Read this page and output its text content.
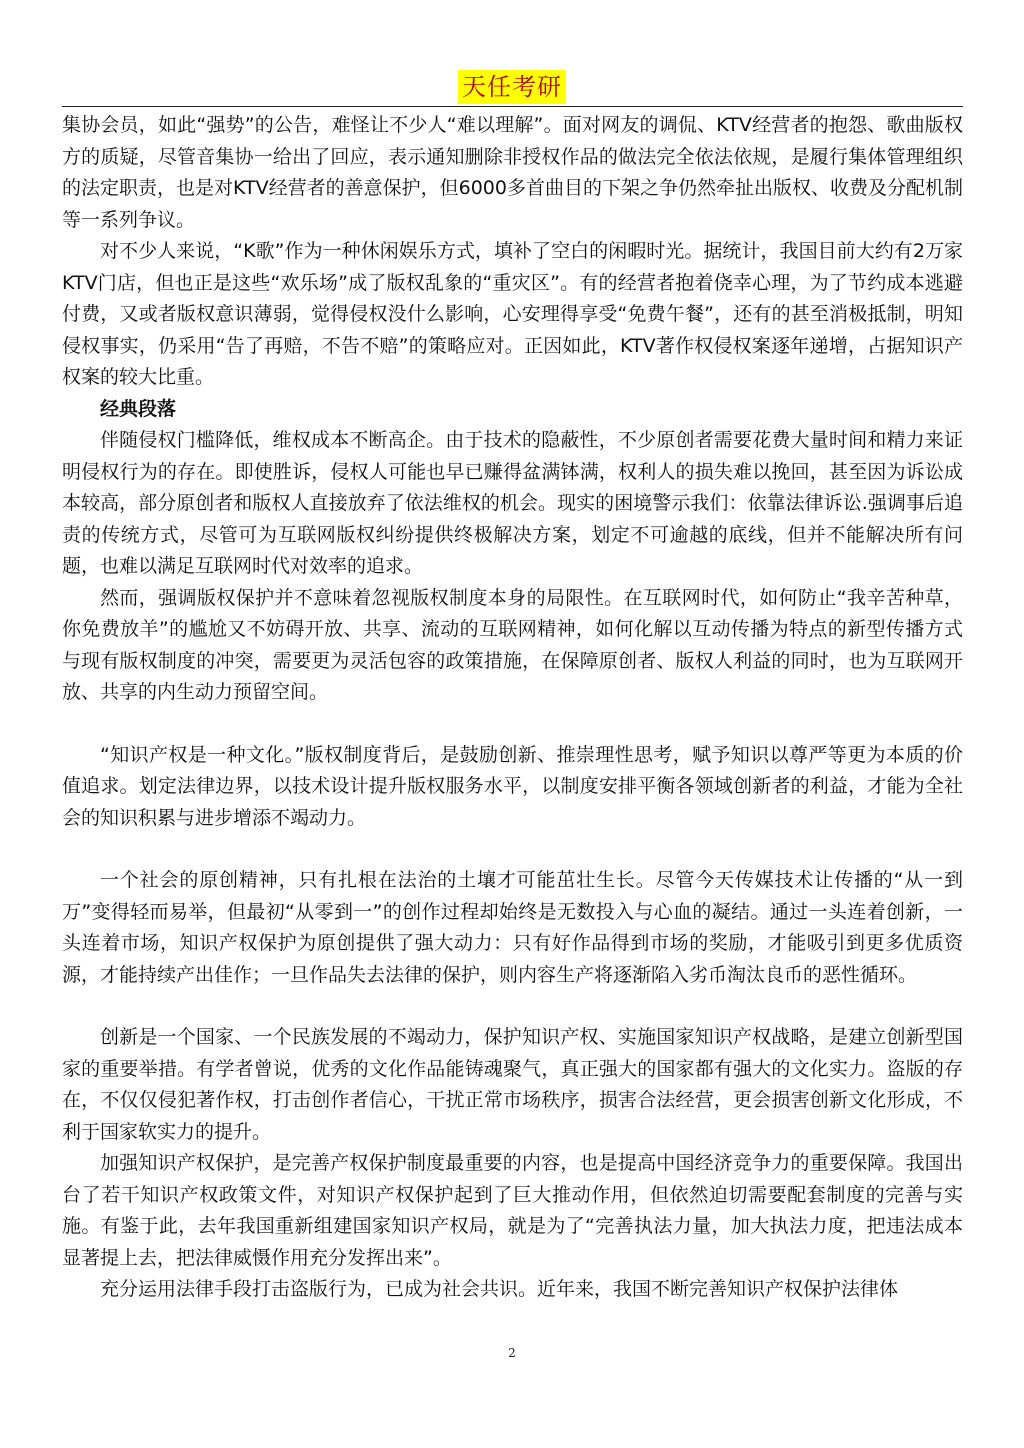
天任考研

集协会员，如此“强势”的公告，难怪让不少人“难以理解”。面对网友的调侃、KTV经营者的抱怨、歌曲版权方的质疑，尽管音集协一给出了回应，表示通知删除非授权作品的做法完全依法依规，是履行集体管理组织的法定职责，也是对KTV经营者的善意保护，但6000多首曲目的下架之争仍然牵扯出版权、收费及分配机制等一系列争议。

对不少人来说，“K歌”作为一种休闲娱乐方式，填补了空白的闲暇时光。据统计，我国目前大约有2万家KTV门店，但也正是这些“欢乐场”成了版权乱象的“重灾区”。有的经营者抱着侥幸心理，为了节约成本逃避付费，又或者版权意识薄弱，觉得侵权没什么影响，心安理得享受“免费午餐”，还有的甚至消极抵制，明知侵权事实，仍采用“告了再赔，不告不赔”的策略应对。正因如此，KTV著作权侵权案逐年递增，占据知识产权案的较大比重。

经典段落

伴随侵权门槛降低，维权成本不断高企。由于技术的隐蔽性，不少原创者需要花费大量时间和精力来证明侵权行为的存在。即使胜诉，侵权人可能也早已赚得盆满钵满，权利人的损失难以挽回，甚至因为诉讼成本较高，部分原创者和版权人直接放弃了依法维权的机会。现实的困境警示我们：依靠法律诉讼.强调事后追责的传统方式，尽管可为互联网版权纠纷提供终极解决方案，划定不可逾越的底线，但并不能解决所有问题，也难以满足互联网时代对效率的追求。

然而，强调版权保护并不意味着忽视版权制度本身的局限性。在互联网时代，如何防止“我辛苦种草，你免费放羊”的尴尬又不妨碍开放、共享、流动的互联网精神，如何化解以互动传播为特点的新型传播方式与现有版权制度的冲突，需要更为灵活包容的政策措施，在保障原创者、版权人利益的同时，也为互联网开放、共享的内生动力预留空间。

“知识产权是一种文化。”版权制度背后，是鼓励创新、推崇理性思考，赋予知识以尊严等更为本质的价值追求。划定法律边界，以技术设计提升版权服务水平，以制度安排平衡各领域创新者的利益，才能为全社会的知识积累与进步增添不竭动力。

一个社会的原创精神，只有扎根在法治的土壤才可能茁壮生长。尽管今天传媒技术让传播的“从一到万”变得轻而易举，但最初“从零到一”的创作过程却始终是无数投入与心血的凝结。通过一头连着创新，一头连着市场，知识产权保护为原创提供了强大动力：只有好作品得到市场的奖励，才能吸引到更多优质资源，才能持续产出佳作；一旦作品失去法律的保护，则内容生产将逐渐陷入劣币淘汰良币的恶性循环。

创新是一个国家、一个民族发展的不竭动力，保护知识产权、实施国家知识产权战略，是建立创新型国家的重要举措。有学者曾说，优秀的文化作品能铸魂聚气，真正强大的国家都有强大的文化实力。盗版的存在，不仅仅侵犯著作权，打击创作者信心，干扰正常市场秩序，损害合法经营，更会损害创新文化形成，不利于国家软实力的提升。

加强知识产权保护，是完善产权保护制度最重要的内容，也是提高中国经济竞争力的重要保障。我国出台了若干知识产权政策文件，对知识产权保护起到了巨大推动作用，但依然迫切需要配套制度的完善与实施。有鉴于此，去年我国重新组建国家知识产权局，就是为了“完善执法力量，加大执法力度，把违法成本显著提上去，把法律威慑作用充分发挥出来”。

充分运用法律手段打击盗版行为，已成为社会共识。近年来，我国不断完善知识产权保护法律体

2
